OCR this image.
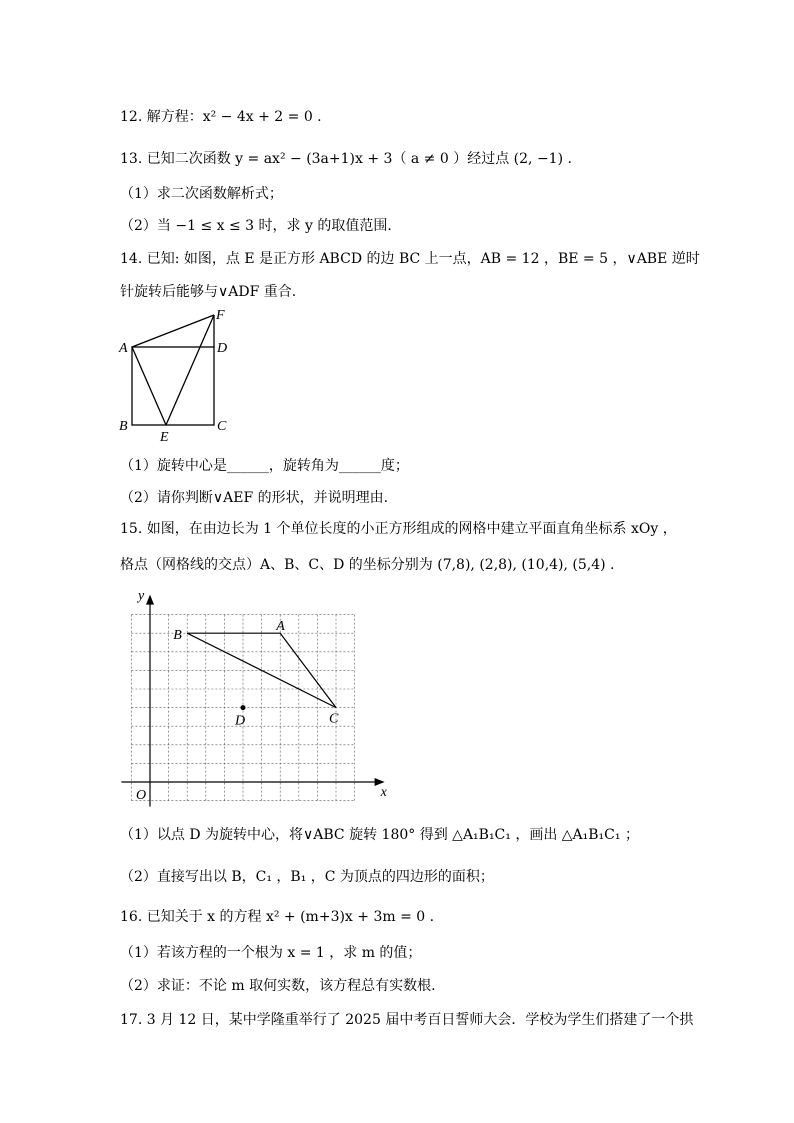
12. 解方程：x² − 4x + 2 = 0 .
13. 已知二次函数 y = ax² − (3a+1)x + 3（ a ≠ 0 ）经过点 (2, −1) .
（1）求二次函数解析式；
（2）当 −1 ≤ x ≤ 3 时，求 y 的取值范围.
14. 已知: 如图，点 E 是正方形 ABCD 的边 BC 上一点，AB = 12 ，BE = 5 ，∨ABE 逆时
针旋转后能够与∨ADF 重合.
A
B	C
D
E
F
（1）旋转中心是______，旋转角为______度；
（2）请你判断∨AEF 的形状，并说明理由.
15. 如图，在由边长为 1 个单位长度的小正方形组成的网格中建立平面直角坐标系 xOy ，
格点（网格线的交点）A、B、C、D 的坐标分别为 (7,8), (2,8), (10,4), (5,4) .
A
B
C
D
O	x
y
（1）以点 D 为旋转中心，将∨ABC 旋转 180° 得到 △A₁B₁C₁ ，画出 △A₁B₁C₁ ；
（2）直接写出以 B，C₁ ，B₁ ，C 为顶点的四边形的面积；
16. 已知关于 x 的方程 x² + (m+3)x + 3m = 0 .
（1）若该方程的一个根为 x = 1 ，求 m 的值；
（2）求证：不论 m 取何实数，该方程总有实数根.
17. 3 月 12 日，某中学隆重举行了 2025 届中考百日誓师大会．学校为学生们搭建了一个拱
